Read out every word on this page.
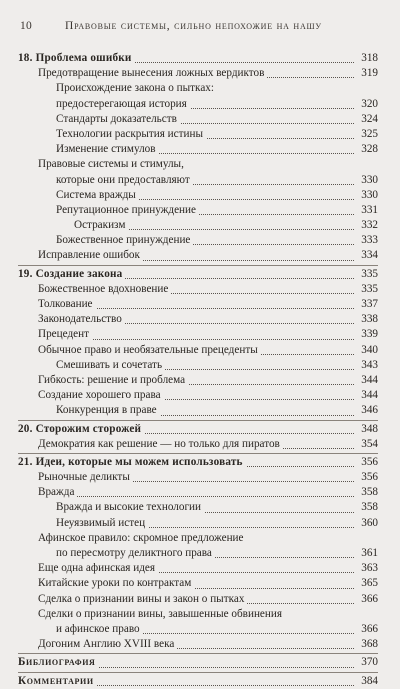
10	Правовые системы, сильно непохожие на нашу
18. Проблема ошибки	318
Предотвращение вынесения ложных вердиктов	319
Происхождение закона о пытках:
предостерегающая история	320
Стандарты доказательств	324
Технологии раскрытия истины	325
Изменение стимулов	328
Правовые системы и стимулы,
которые они предоставляют	330
Система вражды	330
Репутационное принуждение	331
Остракизм	332
Божественное принуждение	333
Исправление ошибок	334
19. Создание закона	335
Божественное вдохновение	335
Толкование	337
Законодательство	338
Прецедент	339
Обычное право и необязательные прецеденты	340
Смешивать и сочетать	343
Гибкость: решение и проблема	344
Создание хорошего права	344
Конкуренция в праве	346
20. Сторожим сторожей	348
Демократия как решение — но только для пиратов	354
21. Идеи, которые мы можем использовать	356
Рыночные деликты	356
Вражда	358
Вражда и высокие технологии	358
Неуязвимый истец	360
Афинское правило: скромное предложение
по пересмотру деликтного права	361
Еще одна афинская идея	363
Китайские уроки по контрактам	365
Сделка о признании вины и закон о пытках	366
Сделки о признании вины, завышенные обвинения
и афинское право	366
Догоним Англию XVIII века	368
Библиография	370
Комментарии	384
